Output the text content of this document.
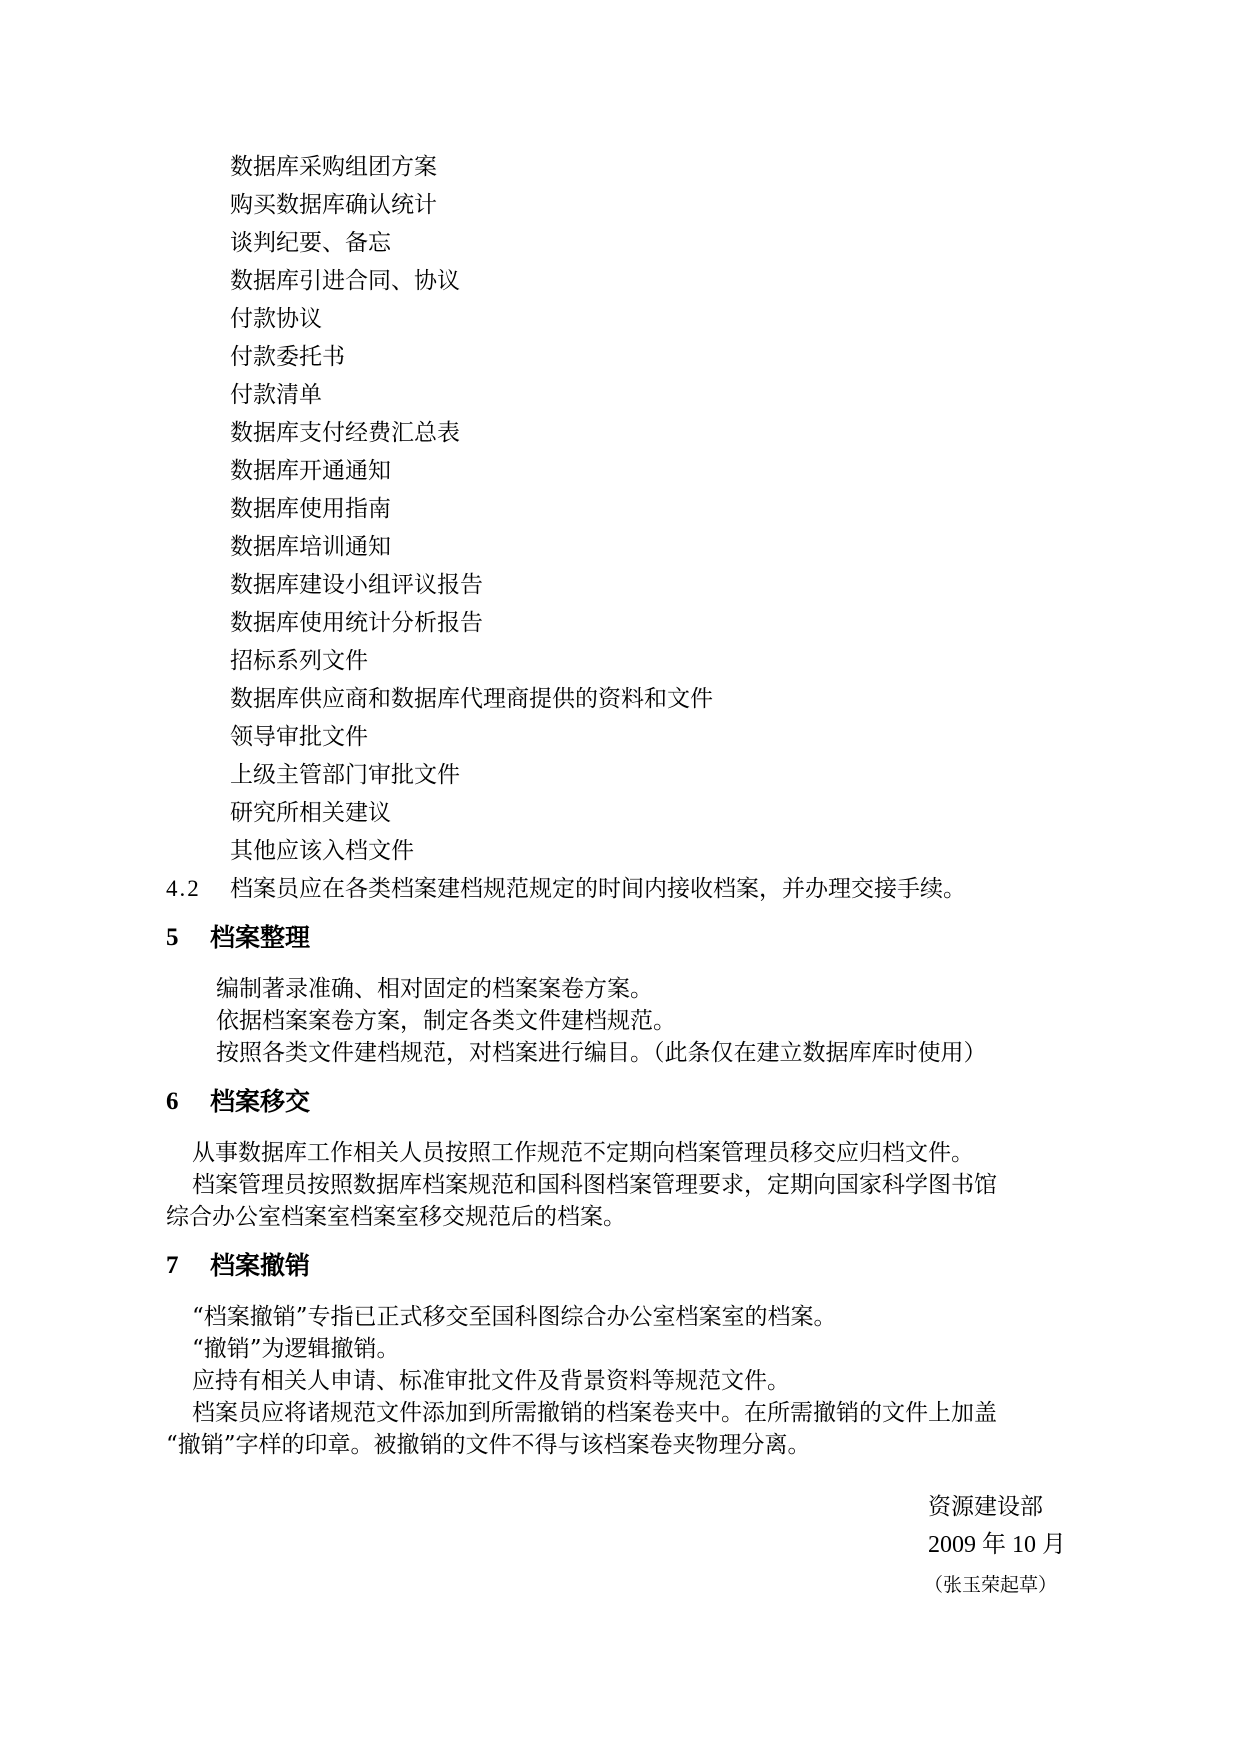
数据库采购组团方案
购买数据库确认统计
谈判纪要、备忘
数据库引进合同、协议
付款协议
付款委托书
付款清单
数据库支付经费汇总表
数据库开通通知
数据库使用指南
数据库培训通知
数据库建设小组评议报告
数据库使用统计分析报告
招标系列文件
数据库供应商和数据库代理商提供的资料和文件
领导审批文件
上级主管部门审批文件
研究所相关建议
其他应该入档文件
4.2 档案员应在各类档案建档规范规定的时间内接收档案，并办理交接手续。
5 档案整理
编制著录准确、相对固定的档案案卷方案。
依据档案案卷方案，制定各类文件建档规范。
按照各类文件建档规范，对档案进行编目。（此条仅在建立数据库库时使用）
6 档案移交
从事数据库工作相关人员按照工作规范不定期向档案管理员移交应归档文件。
档案管理员按照数据库档案规范和国科图档案管理要求，定期向国家科学图书馆
综合办公室档案室档案室移交规范后的档案。
7 档案撤销
“档案撤销”专指已正式移交至国科图综合办公室档案室的档案。
“撤销”为逻辑撤销。
应持有相关人申请、标准审批文件及背景资料等规范文件。
档案员应将诸规范文件添加到所需撤销的档案卷夹中。在所需撤销的文件上加盖
“撤销”字样的印章。被撤销的文件不得与该档案卷夹物理分离。
资源建设部
2009 年 10 月
（张玉荣起草）
